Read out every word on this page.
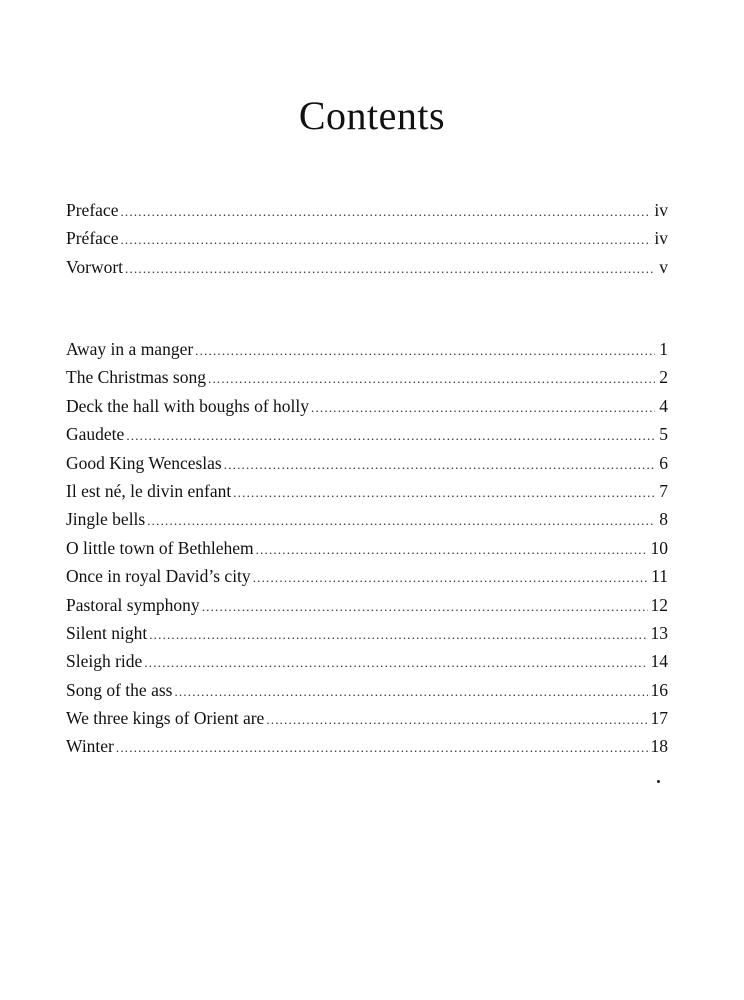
Contents
Preface .....	iv
Préface .....	iv
Vorwort .....	v
Away in a manger .....	1
The Christmas song .....	2
Deck the hall with boughs of holly .....	4
Gaudete .....	5
Good King Wenceslas .....	6
Il est né, le divin enfant .....	7
Jingle bells .....	8
O little town of Bethlehem .....	10
Once in royal David’s city .....	11
Pastoral symphony .....	12
Silent night .....	13
Sleigh ride .....	14
Song of the ass .....	16
We three kings of Orient are .....	17
Winter .....	18
